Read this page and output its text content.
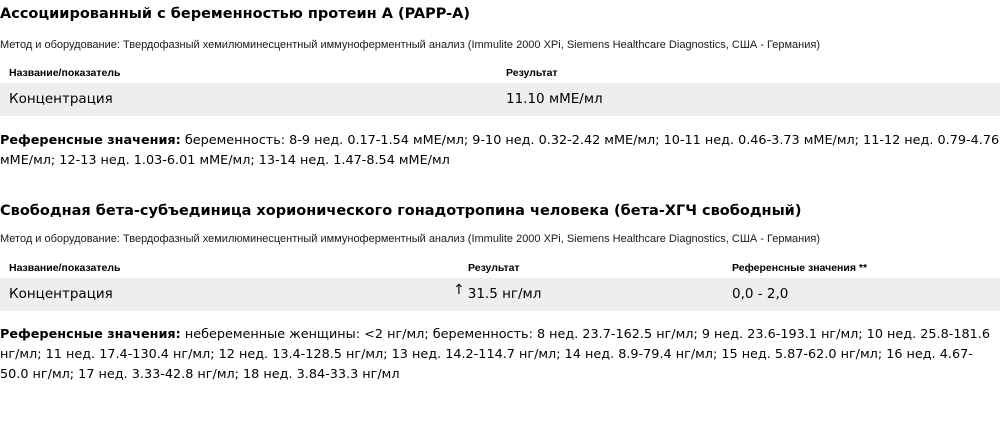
Ассоциированный с беременностью протеин А (PAPP-A)
Метод и оборудование: Твердофазный хемилюминесцентный иммуноферментный анализ (Immulite 2000 XPi, Siemens Healthcare Diagnostics, США - Германия)
Название/показатель	Результат
Концентрация	11.10 мМЕ/мл
Референсные значения: беременность: 8-9 нед. 0.17-1.54 мМЕ/мл; 9-10 нед. 0.32-2.42 мМЕ/мл; 10-11 нед. 0.46-3.73 мМЕ/мл; 11-12 нед. 0.79-4.76 мМЕ/мл; 12-13 нед. 1.03-6.01 мМЕ/мл; 13-14 нед. 1.47-8.54 мМЕ/мл
Свободная бета-субъединица хорионического гонадотропина человека (бета-ХГЧ свободный)
Метод и оборудование: Твердофазный хемилюминесцентный иммуноферментный анализ (Immulite 2000 XPi, Siemens Healthcare Diagnostics, США - Германия)
Название/показатель	Результат	Референсные значения **
Концентрация	↑ 31.5 нг/мл	0,0 - 2,0
Референсные значения: небеременные женщины: <2 нг/мл; беременность: 8 нед. 23.7-162.5 нг/мл; 9 нед. 23.6-193.1 нг/мл; 10 нед. 25.8-181.6 нг/мл; 11 нед. 17.4-130.4 нг/мл; 12 нед. 13.4-128.5 нг/мл; 13 нед. 14.2-114.7 нг/мл; 14 нед. 8.9-79.4 нг/мл; 15 нед. 5.87-62.0 нг/мл; 16 нед. 4.67-50.0 нг/мл; 17 нед. 3.33-42.8 нг/мл; 18 нед. 3.84-33.3 нг/мл
